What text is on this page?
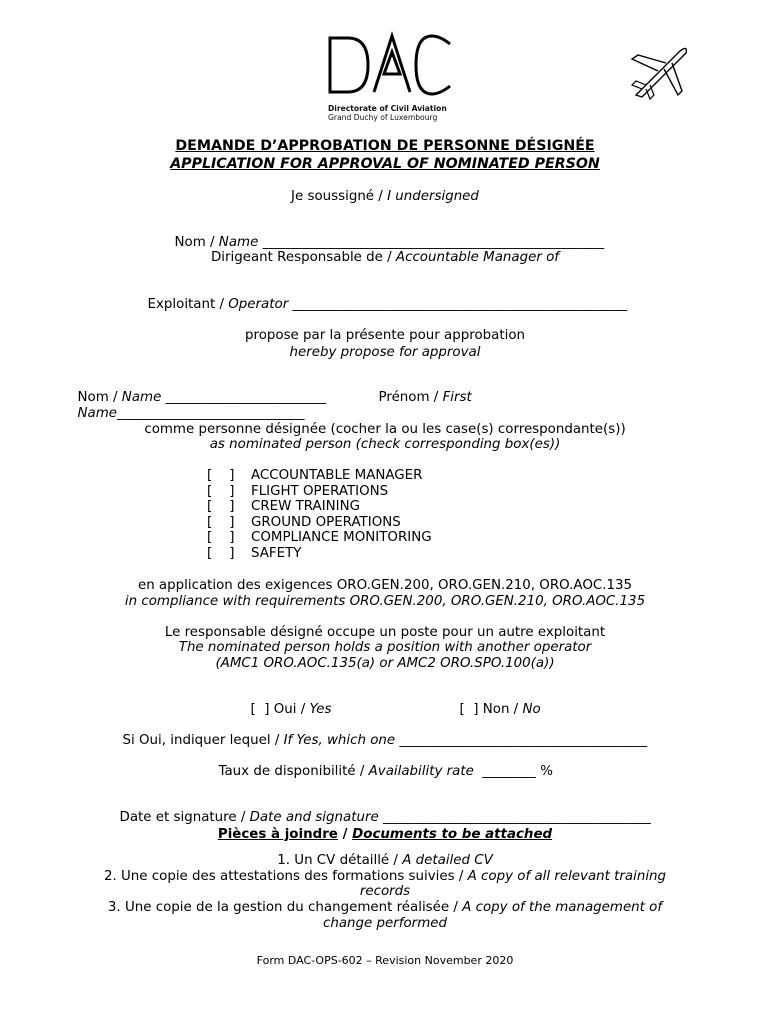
Directorate of Civil Aviation
Grand Duchy of Luxembourg
DEMANDE D’APPROBATION DE PERSONNE DÉSIGNÉE
APPLICATION FOR APPROVAL OF NOMINATED PERSON
Je soussigné / I undersigned

Nom / Name ___________________________________________________

Dirigeant Responsable de / Accountable Manager of

Exploitant / Operator __________________________________________________

propose par la présente pour approbation
hereby propose for approval

Nom / Name ________________________	Prénom / First

Name____________________________

comme personne désignée (cocher la ou les case(s) correspondante(s))
as nominated person (check corresponding box(es))
[    ] ACCOUNTABLE MANAGER
[    ] FLIGHT OPERATIONS
[    ] CREW TRAINING
[    ] GROUND OPERATIONS
[    ] COMPLIANCE MONITORING
[    ] SAFETY
en application des exigences ORO.GEN.200, ORO.GEN.210, ORO.AOC.135
in compliance with requirements ORO.GEN.200, ORO.GEN.210, ORO.AOC.135
Le responsable désigné occupe un poste pour un autre exploitant
The nominated person holds a position with another operator
(AMC1 ORO.AOC.135(a) or AMC2 ORO.SPO.100(a))

[  ] Oui / Yes	[  ] Non / No

Si Oui, indiquer lequel / If Yes, which one _____________________________________

Taux de disponibilité / Availability rate  ________ %

Date et signature / Date and signature ________________________________________

Pièces à joindre / Documents to be attached
1. Un CV détaillé / A detailed CV
2. Une copie des attestations des formations suivies / A copy of all relevant training
records
3. Une copie de la gestion du changement réalisée / A copy of the management of
change performed
Form DAC-OPS-602 – Revision November 2020
